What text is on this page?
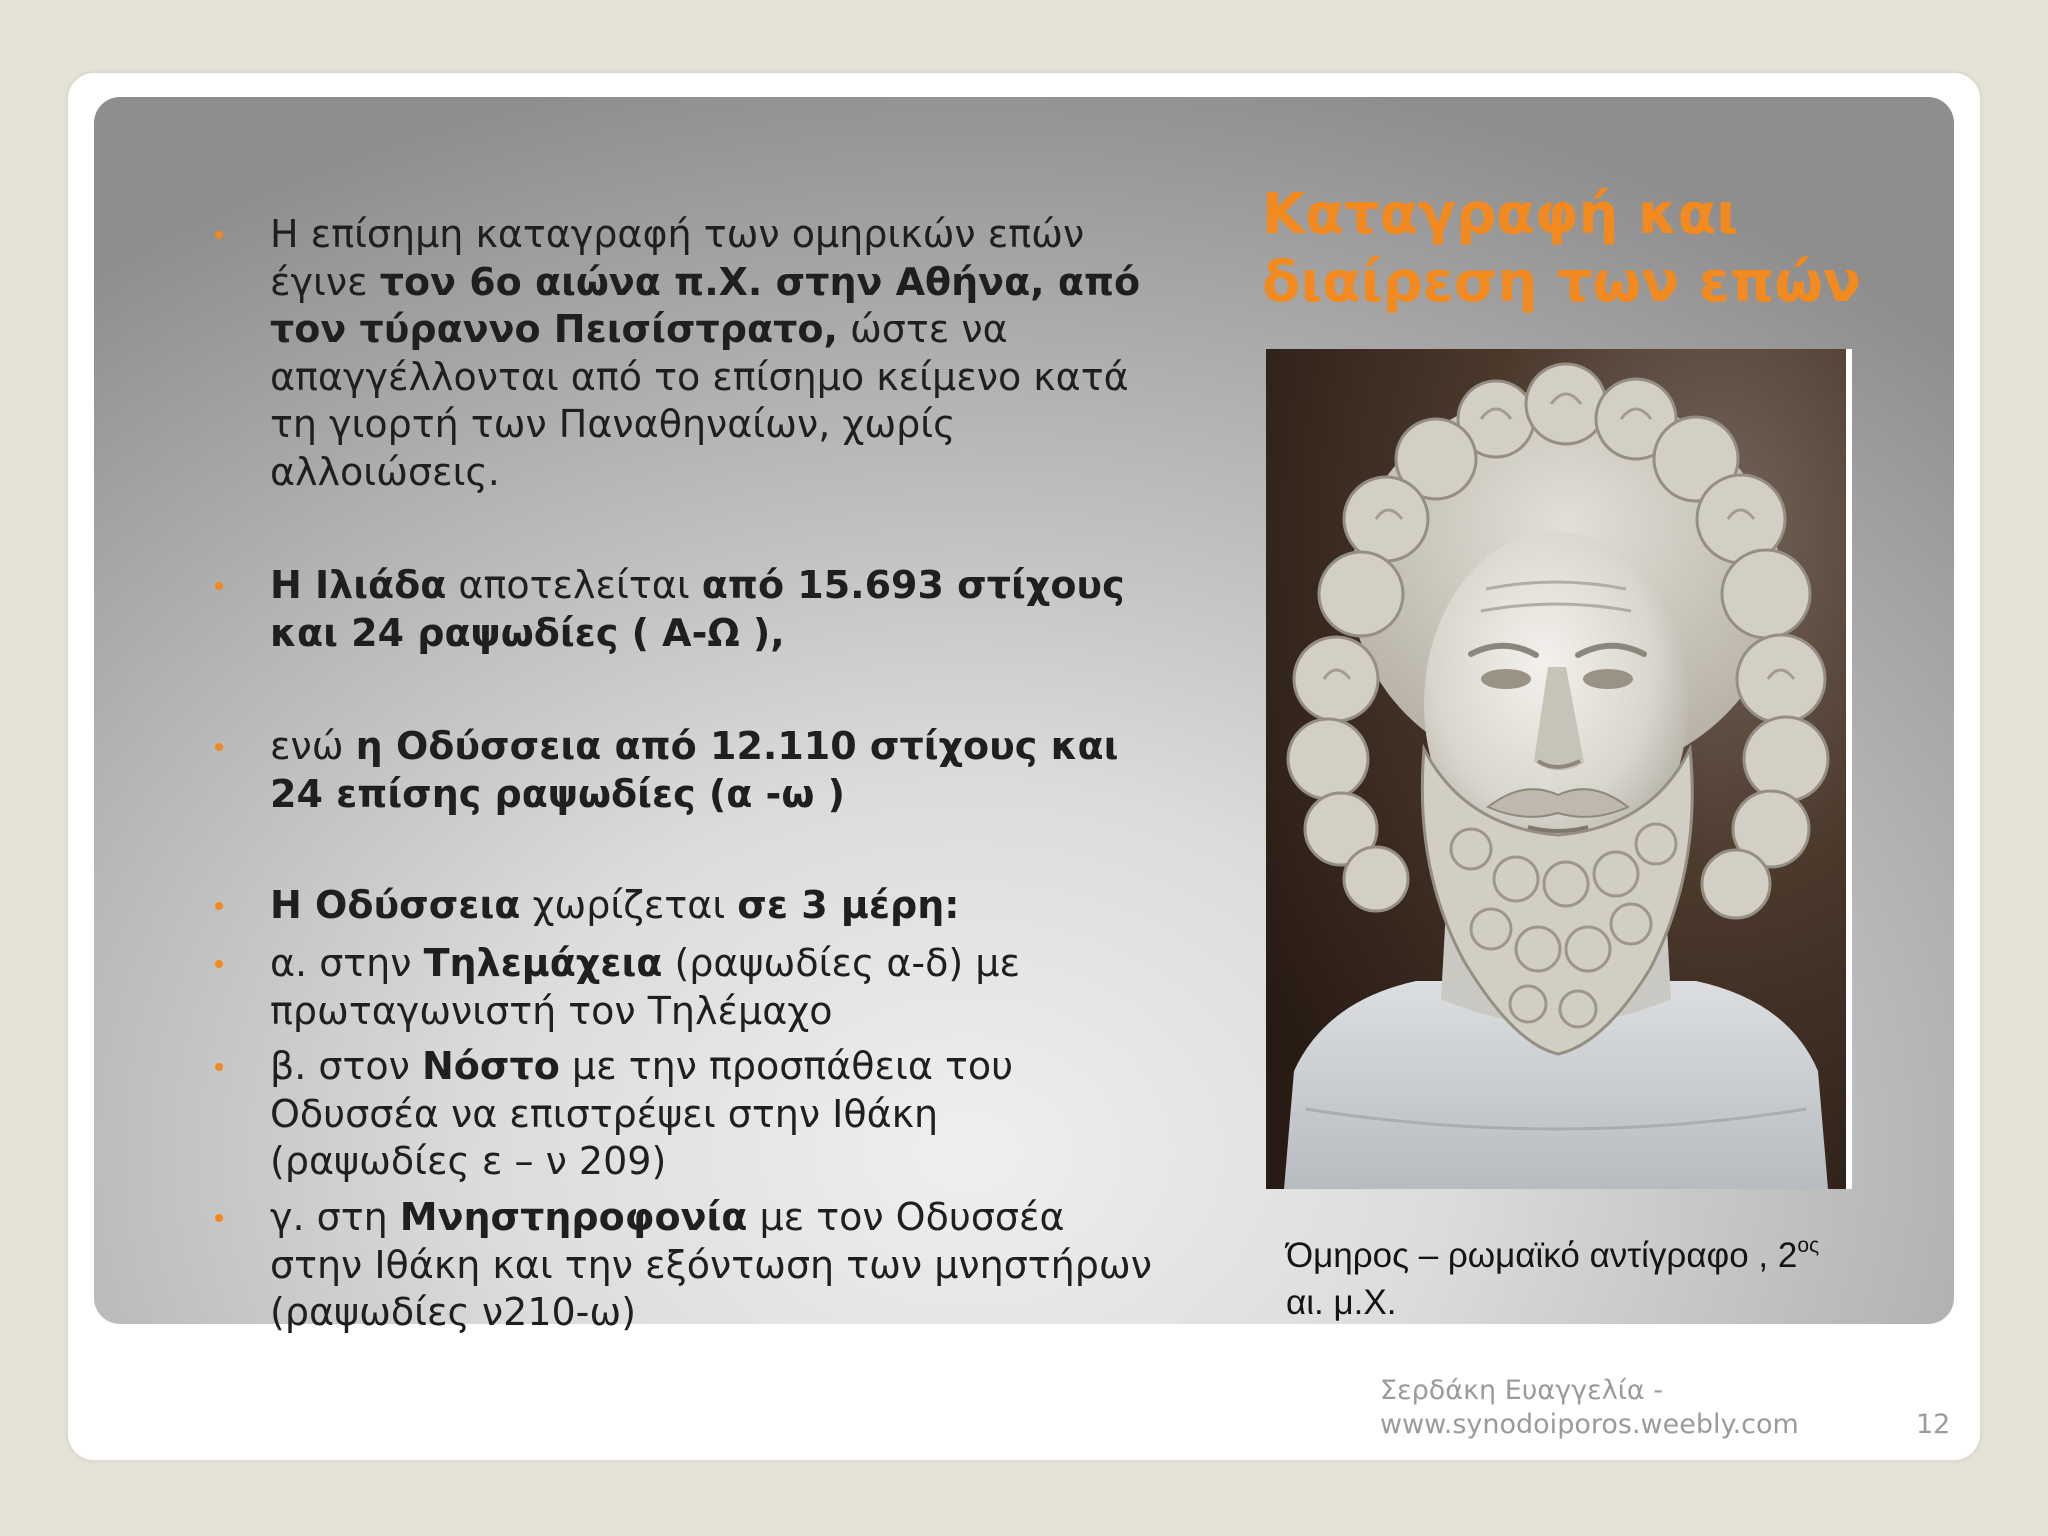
Καταγραφή και
διαίρεση των επών
Η επίσημη καταγραφή των ομηρικών επών
έγινε τον 6ο αιώνα π.Χ. στην Αθήνα, από
τον τύραννο Πεισίστρατο, ώστε να
απαγγέλλονται από το επίσημο κείμενο κατά
τη γιορτή των Παναθηναίων, χωρίς
αλλοιώσεις.
Η Ιλιάδα αποτελείται από 15.693 στίχους
και 24 ραψωδίες ( Α-Ω ),
ενώ η Οδύσσεια από 12.110 στίχους και
24 επίσης ραψωδίες (α -ω )
Η Οδύσσεια χωρίζεται σε 3 μέρη:
α. στην Τηλεμάχεια (ραψωδίες α-δ) με
πρωταγωνιστή τον Τηλέμαχο
β. στον Νόστο με την προσπάθεια του
Οδυσσέα να επιστρέψει στην Ιθάκη
(ραψωδίες ε – ν 209)
γ. στη Μνηστηροφονία με τον Οδυσσέα
στην Ιθάκη και την εξόντωση των μνηστήρων
(ραψωδίες ν210-ω)
Όμηρος – ρωμαϊκό αντίγραφο , $2^{o\varsigma}$
αι. μ.Χ.
Σερδάκη Ευαγγελία -
www.synodoiporos.weebly.com	12
